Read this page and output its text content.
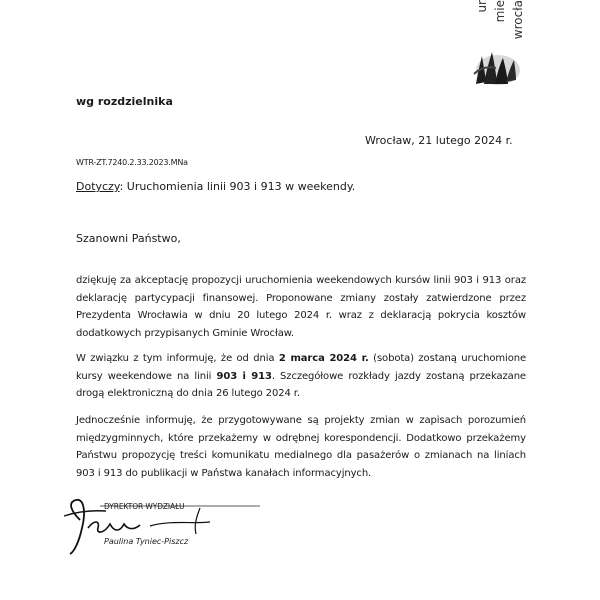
ur mie wrocła
wg rozdzielnika
Wrocław, 21 lutego 2024 r.
WTR-ZT.7240.2.33.2023.MNa
Dotyczy: Uruchomienia linii 903 i 913 w weekendy.
Szanowni Państwo,

dziękuję za akceptację propozycji uruchomienia weekendowych kursów linii 903 i 913 oraz deklarację partycypacji finansowej. Proponowane zmiany zostały zatwierdzone przez Prezydenta Wrocławia w dniu 20 lutego 2024 r. wraz z deklaracją pokrycia kosztów dodatkowych przypisanych Gminie Wrocław.

W związku z tym informuję, że od dnia 2 marca 2024 r. (sobota) zostaną uruchomione kursy weekendowe na linii 903 i 913. Szczegółowe rozkłady jazdy zostaną przekazane drogą elektroniczną do dnia 26 lutego 2024 r.

Jednocześnie informuję, że przygotowywane są projekty zmian w zapisach porozumień międzygminnych, które przekażemy w odrębnej korespondencji. Dodatkowo przekażemy Państwu propozycję treści komunikatu medialnego dla pasażerów o zmianach na liniach 903 i 913 do publikacji w Państwa kanałach informacyjnych.

DYREKTOR WYDZIAŁU
Paulina Tyniec-Piszcz
